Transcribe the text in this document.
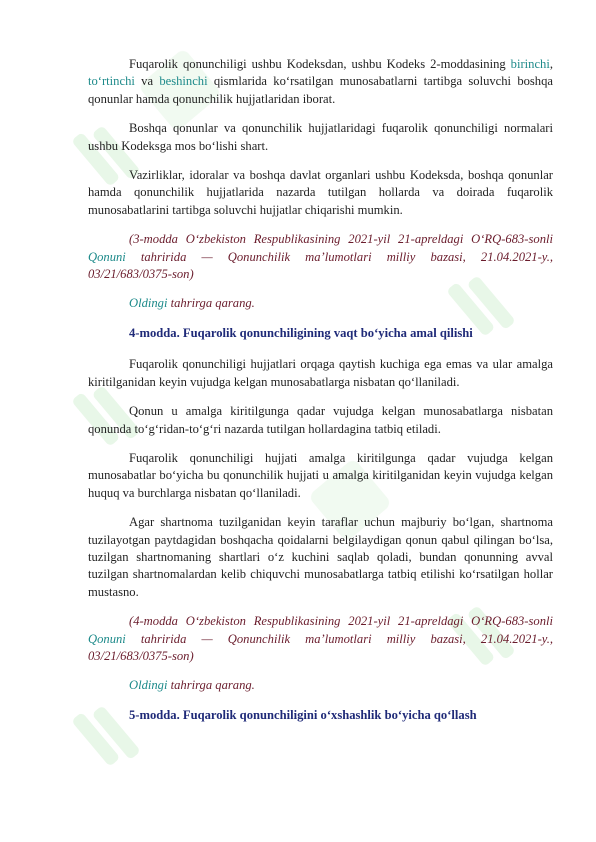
Fuqarolik qonunchiligi ushbu Kodeksdan, ushbu Kodeks 2-moddasining birinchi, to‘rtinchi va beshinchi qismlarida ko‘rsatilgan munosabatlarni tartibga soluvchi boshqa qonunlar hamda qonunchilik hujjatlaridan iborat.

Boshqa qonunlar va qonunchilik hujjatlaridagi fuqarolik qonunchiligi normalari ushbu Kodeksga mos bo‘lishi shart.

Vazirliklar, idoralar va boshqa davlat organlari ushbu Kodeksda, boshqa qonunlar hamda qonunchilik hujjatlarida nazarda tutilgan hollarda va doirada fuqarolik munosabatlarini tartibga soluvchi hujjatlar chiqarishi mumkin.

(3-modda O‘zbekiston Respublikasining 2021-yil 21-apreldagi O‘RQ-683-sonli Qonuni tahririda — Qonunchilik ma’lumotlari milliy bazasi, 21.04.2021-y., 03/21/683/0375-son)

Oldingi tahrirga qarang.

4-modda. Fuqarolik qonunchiligining vaqt bo‘yicha amal qilishi

Fuqarolik qonunchiligi hujjatlari orqaga qaytish kuchiga ega emas va ular amalga kiritilganidan keyin vujudga kelgan munosabatlarga nisbatan qo‘llaniladi.

Qonun u amalga kiritilgunga qadar vujudga kelgan munosabatlarga nisbatan qonunda to‘g‘ridan-to‘g‘ri nazarda tutilgan hollardagina tatbiq etiladi.

Fuqarolik qonunchiligi hujjati amalga kiritilgunga qadar vujudga kelgan munosabatlar bo‘yicha bu qonunchilik hujjati u amalga kiritilganidan keyin vujudga kelgan huquq va burchlarga nisbatan qo‘llaniladi.

Agar shartnoma tuzilganidan keyin taraflar uchun majburiy bo‘lgan, shartnoma tuzilayotgan paytdagidan boshqacha qoidalarni belgilaydigan qonun qabul qilingan bo‘lsa, tuzilgan shartnomaning shartlari o‘z kuchini saqlab qoladi, bundan qonunning avval tuzilgan shartnomalardan kelib chiquvchi munosabatlarga tatbiq etilishi ko‘rsatilgan hollar mustasno.

(4-modda O‘zbekiston Respublikasining 2021-yil 21-apreldagi O‘RQ-683-sonli Qonuni tahririda — Qonunchilik ma’lumotlari milliy bazasi, 21.04.2021-y., 03/21/683/0375-son)

Oldingi tahrirga qarang.

5-modda. Fuqarolik qonunchiligini o‘xshashlik bo‘yicha qo‘llash
